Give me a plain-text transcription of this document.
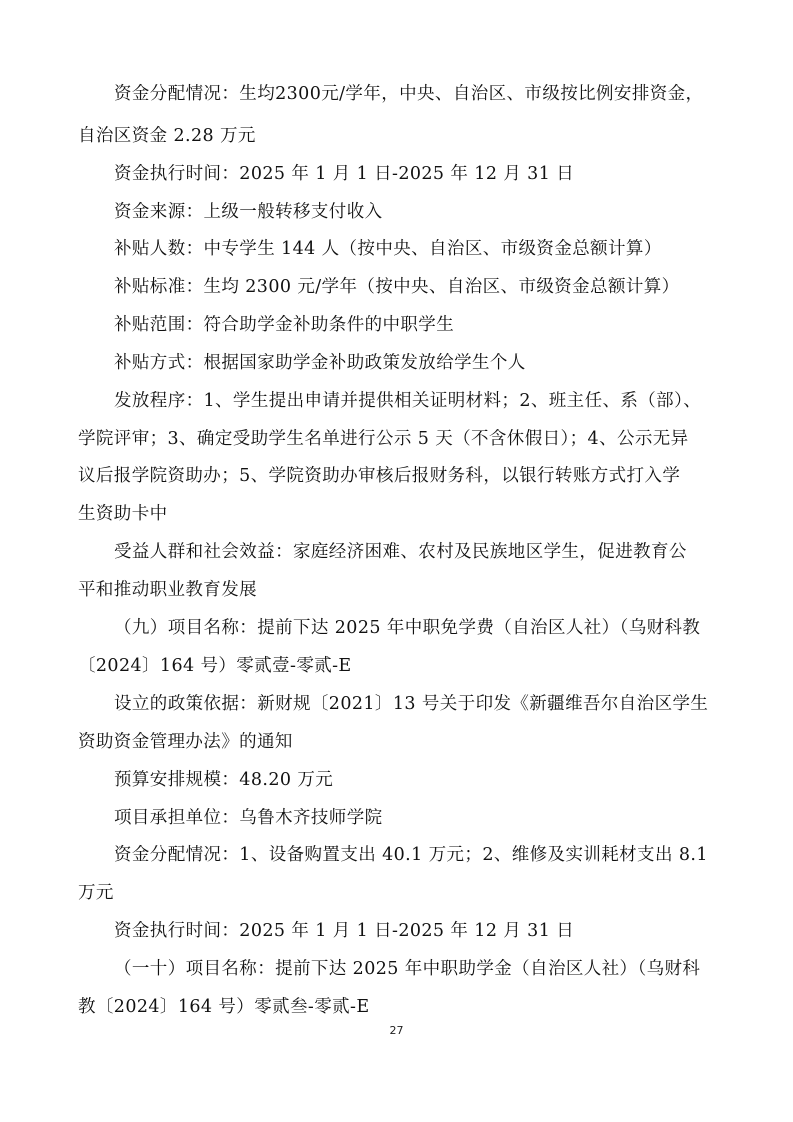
资金分配情况：生均2300元/学年，中央、自治区、市级按比例安排资金，
自治区资金 2.28 万元
资金执行时间：2025 年 1 月 1 日-2025 年 12 月 31 日
资金来源：上级一般转移支付收入
补贴人数：中专学生 144 人（按中央、自治区、市级资金总额计算）
补贴标准：生均 2300 元/学年（按中央、自治区、市级资金总额计算）
补贴范围：符合助学金补助条件的中职学生
补贴方式：根据国家助学金补助政策发放给学生个人
发放程序：1、学生提出申请并提供相关证明材料；2、班主任、系（部）、
学院评审；3、确定受助学生名单进行公示 5 天（不含休假日）；4、公示无异
议后报学院资助办；5、学院资助办审核后报财务科，以银行转账方式打入学
生资助卡中
受益人群和社会效益：家庭经济困难、农村及民族地区学生，促进教育公
平和推动职业教育发展
（九）项目名称：提前下达 2025 年中职免学费（自治区人社）（乌财科教
〔2024〕164 号）零贰壹-零贰-E
设立的政策依据：新财规〔2021〕13 号关于印发《新疆维吾尔自治区学生
资助资金管理办法》的通知
预算安排规模：48.20 万元
项目承担单位：乌鲁木齐技师学院
资金分配情况：1、设备购置支出 40.1 万元；2、维修及实训耗材支出 8.1
万元
资金执行时间：2025 年 1 月 1 日-2025 年 12 月 31 日
（一十）项目名称：提前下达 2025 年中职助学金（自治区人社）（乌财科
教〔2024〕164 号）零贰叁-零贰-E
27
